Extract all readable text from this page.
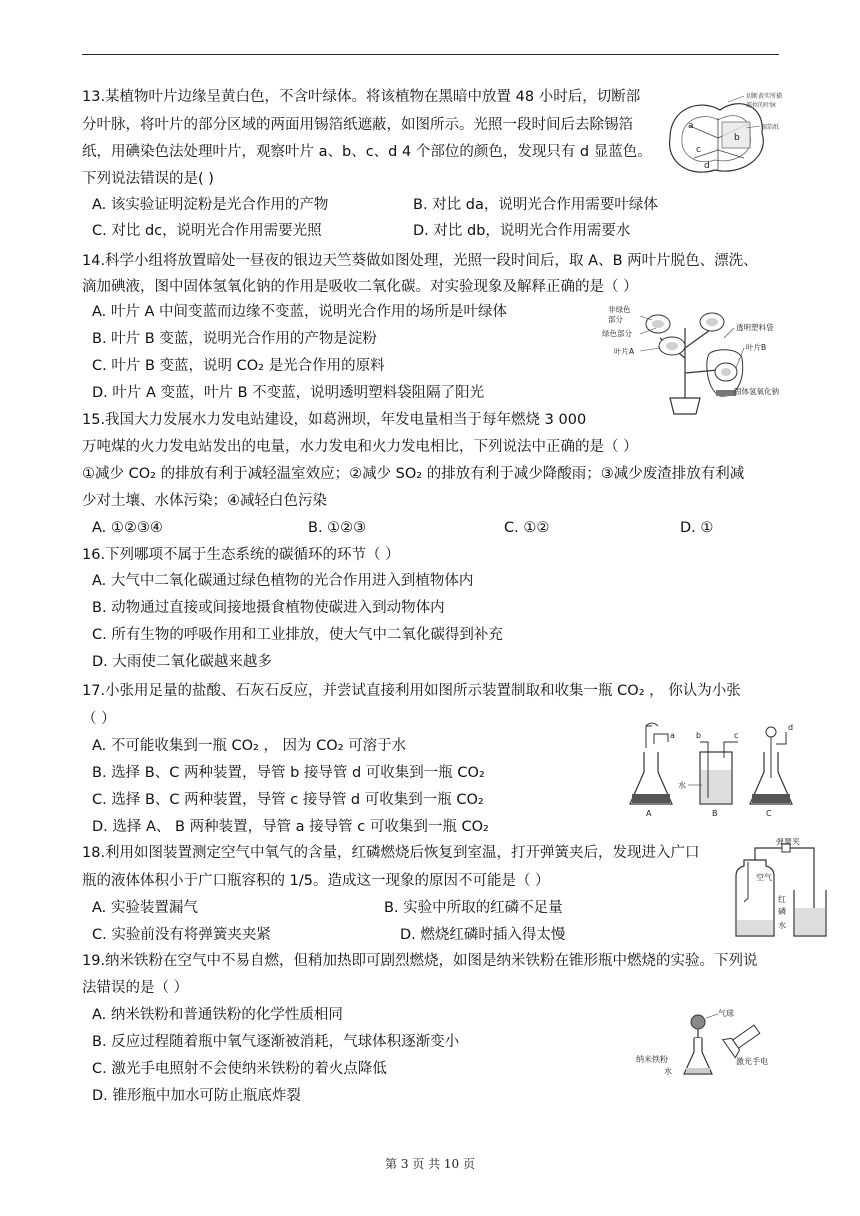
13.某植物叶片边缘呈黄白色，不含叶绿体。将该植物在黑暗中放置 48 小时后，切断部
分叶脉，将叶片的部分区域的两面用锡箔纸遮蔽，如图所示。光照一段时间后去除锡箔
纸，用碘染色法处理叶片，观察叶片 a、b、c、d 4 个部位的颜色，发现只有 d 显蓝色。
下列说法错误的是( )
A. 该实验证明淀粉是光合作用的产物	B. 对比 da，说明光合作用需要叶绿体
C. 对比 dc，说明光合作用需要光照	D. 对比 db，说明光合作用需要水
a
b
c
d
切断黄实所描
部位的叶脉
锡箔纸
14.科学小组将放置暗处一昼夜的银边天竺葵做如图处理，光照一段时间后，取 A、B 两叶片脱色、漂洗、
滴加碘液，图中固体氢氧化钠的作用是吸收二氧化碳。对实验现象及解释正确的是（ ）
A. 叶片 A 中间变蓝而边缘不变蓝，说明光合作用的场所是叶绿体
B. 叶片 B 变蓝，说明光合作用的产物是淀粉
C. 叶片 B 变蓝，说明 CO₂ 是光合作用的原料
D. 叶片 A 变蓝，叶片 B 不变蓝，说明透明塑料袋阻隔了阳光
非绿色
部分
绿色部分
叶片A
透明塑料袋
叶片B
固体氢氧化钠
15.我国大力发展水力发电站建设，如葛洲坝，年发电量相当于每年燃烧 3 000
万吨煤的火力发电站发出的电量，水力发电和火力发电相比，下列说法中正确的是（ ）
①减少 CO₂ 的排放有利于减轻温室效应；②减少 SO₂ 的排放有利于减少降酸雨；③减少废渣排放有利减
少对土壤、水体污染；④减轻白色污染
A. ①②③④	B. ①②③	C. ①②	D. ①
16.下列哪项不属于生态系统的碳循环的环节（ ）
A. 大气中二氧化碳通过绿色植物的光合作用进入到植物体内
B. 动物通过直接或间接地摄食植物使碳进入到动物体内
C. 所有生物的呼吸作用和工业排放，使大气中二氧化碳得到补充
D. 大雨使二氧化碳越来越多
17.小张用足量的盐酸、石灰石反应，并尝试直接利用如图所示装置制取和收集一瓶 CO₂ ， 你认为小张
（ ）
A. 不可能收集到一瓶 CO₂ ， 因为 CO₂ 可溶于水
B. 选择 B、C 两种装置，导管 b 接导管 d 可收集到一瓶 CO₂
C. 选择 B、C 两种装置，导管 c 接导管 d 可收集到一瓶 CO₂
D. 选择 A、 B 两种装置，导管 a 接导管 c 可收集到一瓶 CO₂
a
A
b	c
水
B
d
C
18.利用如图装置测定空气中氧气的含量，红磷燃烧后恢复到室温，打开弹簧夹后，发现进入广口
瓶的液体体积小于广口瓶容积的 1/5。造成这一现象的原因不可能是（ ）
A. 实验装置漏气	B. 实验中所取的红磷不足量
C. 实验前没有将弹簧夹夹紧	D. 燃烧红磷时插入得太慢
弹簧夹
空气
红
磷
水
19.纳米铁粉在空气中不易自燃，但稍加热即可剧烈燃烧，如图是纳米铁粉在锥形瓶中燃烧的实验。下列说
法错误的是（ ）
A. 纳米铁粉和普通铁粉的化学性质相同
B. 反应过程随着瓶中氧气逐渐被消耗，气球体积逐渐变小
C. 激光手电照射不会使纳米铁粉的着火点降低
D. 锥形瓶中加水可防止瓶底炸裂
气球
纳米铁粉
水
激光手电
第 3 页 共 10 页
